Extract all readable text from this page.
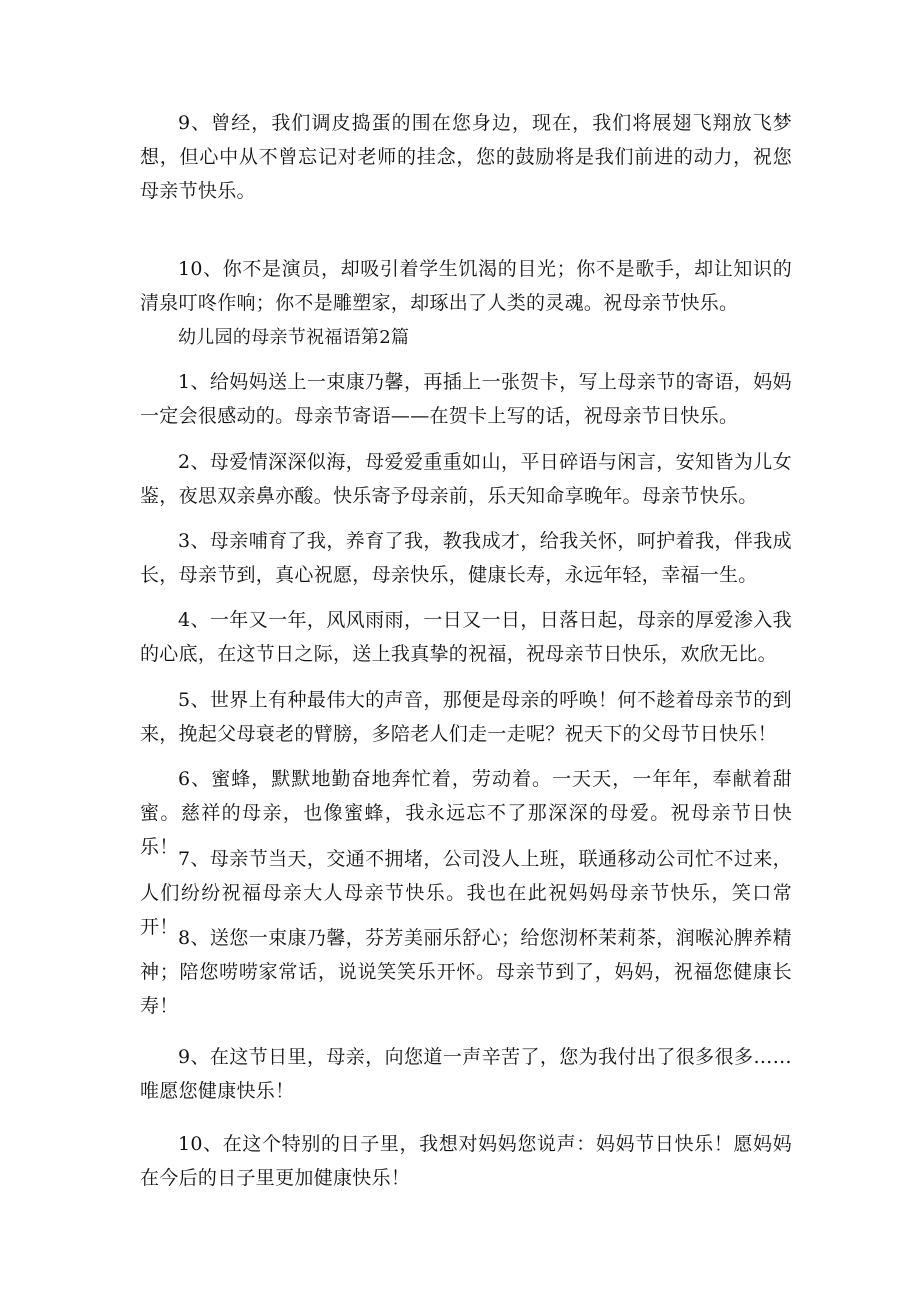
9、曾经，我们调皮捣蛋的围在您身边，现在，我们将展翅飞翔放飞梦想，但心中从不曾忘记对老师的挂念，您的鼓励将是我们前进的动力，祝您母亲节快乐。

10、你不是演员，却吸引着学生饥渴的目光；你不是歌手，却让知识的清泉叮咚作响；你不是雕塑家，却琢出了人类的灵魂。祝母亲节快乐。

幼儿园的母亲节祝福语第2篇

1、给妈妈送上一束康乃馨，再插上一张贺卡，写上母亲节的寄语，妈妈一定会很感动的。母亲节寄语——在贺卡上写的话，祝母亲节日快乐。

2、母爱情深深似海，母爱爱重重如山，平日碎语与闲言，安知皆为儿女鉴，夜思双亲鼻亦酸。快乐寄予母亲前，乐天知命享晚年。母亲节快乐。

3、母亲哺育了我，养育了我，教我成才，给我关怀，呵护着我，伴我成长，母亲节到，真心祝愿，母亲快乐，健康长寿，永远年轻，幸福一生。

4、一年又一年，风风雨雨，一日又一日，日落日起，母亲的厚爱渗入我的心底，在这节日之际，送上我真挚的祝福，祝母亲节日快乐，欢欣无比。

5、世界上有种最伟大的声音，那便是母亲的呼唤！何不趁着母亲节的到来，挽起父母衰老的臂膀，多陪老人们走一走呢？祝天下的父母节日快乐！

6、蜜蜂，默默地勤奋地奔忙着，劳动着。一天天，一年年，奉献着甜蜜。慈祥的母亲，也像蜜蜂，我永远忘不了那深深的母爱。祝母亲节日快乐！

7、母亲节当天，交通不拥堵，公司没人上班，联通移动公司忙不过来，人们纷纷祝福母亲大人母亲节快乐。我也在此祝妈妈母亲节快乐，笑口常开！ 8、送您一束康乃馨，芬芳美丽乐舒心；给您沏杯茉莉茶，润喉沁脾养精神；陪您唠唠家常话，说说笑笑乐开怀。母亲节到了，妈妈，祝福您健康长寿！

9、在这节日里，母亲，向您道一声辛苦了，您为我付出了很多很多……唯愿您健康快乐！

10、在这个特别的日子里，我想对妈妈您说声：妈妈节日快乐！愿妈妈在今后的日子里更加健康快乐！
